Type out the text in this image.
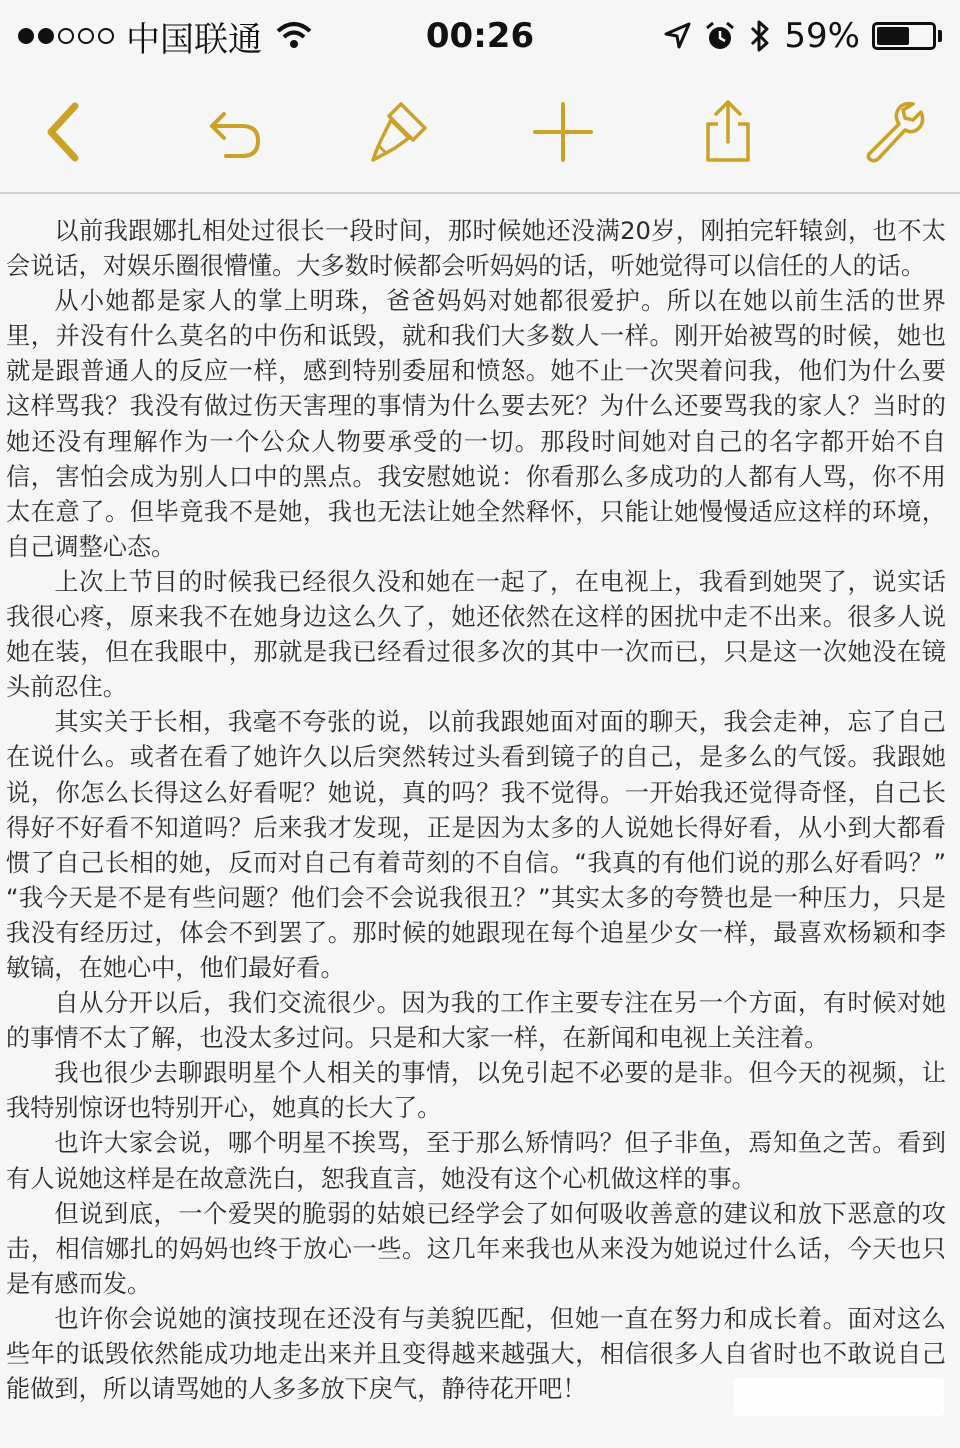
中国联通	00:26	59%

以前我跟娜扎相处过很长一段时间，那时候她还没满20岁，刚拍完轩辕剑，也不太会说话，对娱乐圈很懵懂。大多数时候都会听妈妈的话，听她觉得可以信任的人的话。

从小她都是家人的掌上明珠，爸爸妈妈对她都很爱护。所以在她以前生活的世界里，并没有什么莫名的中伤和诋毁，就和我们大多数人一样。刚开始被骂的时候，她也就是跟普通人的反应一样，感到特别委屈和愤怒。她不止一次哭着问我，他们为什么要这样骂我？我没有做过伤天害理的事情为什么要去死？为什么还要骂我的家人？当时的她还没有理解作为一个公众人物要承受的一切。那段时间她对自己的名字都开始不自信，害怕会成为别人口中的黑点。我安慰她说：你看那么多成功的人都有人骂，你不用太在意了。但毕竟我不是她，我也无法让她全然释怀，只能让她慢慢适应这样的环境，自己调整心态。

上次上节目的时候我已经很久没和她在一起了，在电视上，我看到她哭了，说实话我很心疼，原来我不在她身边这么久了，她还依然在这样的困扰中走不出来。很多人说她在装，但在我眼中，那就是我已经看过很多次的其中一次而已，只是这一次她没在镜头前忍住。

其实关于长相，我毫不夸张的说，以前我跟她面对面的聊天，我会走神，忘了自己在说什么。或者在看了她许久以后突然转过头看到镜子的自己，是多么的气馁。我跟她说，你怎么长得这么好看呢？她说，真的吗？我不觉得。一开始我还觉得奇怪，自己长得好不好看不知道吗？后来我才发现，正是因为太多的人说她长得好看，从小到大都看惯了自己长相的她，反而对自己有着苛刻的不自信。“我真的有他们说的那么好看吗？” “我今天是不是有些问题？他们会不会说我很丑？”其实太多的夸赞也是一种压力，只是我没有经历过，体会不到罢了。那时候的她跟现在每个追星少女一样，最喜欢杨颖和李敏镐，在她心中，他们最好看。

自从分开以后，我们交流很少。因为我的工作主要专注在另一个方面，有时候对她的事情不太了解，也没太多过问。只是和大家一样，在新闻和电视上关注着。

我也很少去聊跟明星个人相关的事情，以免引起不必要的是非。但今天的视频，让我特别惊讶也特别开心，她真的长大了。

也许大家会说，哪个明星不挨骂，至于那么矫情吗？但子非鱼，焉知鱼之苦。看到有人说她这样是在故意洗白，恕我直言，她没有这个心机做这样的事。

但说到底，一个爱哭的脆弱的姑娘已经学会了如何吸收善意的建议和放下恶意的攻击，相信娜扎的妈妈也终于放心一些。这几年来我也从来没为她说过什么话，今天也只是有感而发。

也许你会说她的演技现在还没有与美貌匹配，但她一直在努力和成长着。面对这么些年的诋毁依然能成功地走出来并且变得越来越强大，相信很多人自省时也不敢说自己能做到，所以请骂她的人多多放下戾气，静待花开吧！
